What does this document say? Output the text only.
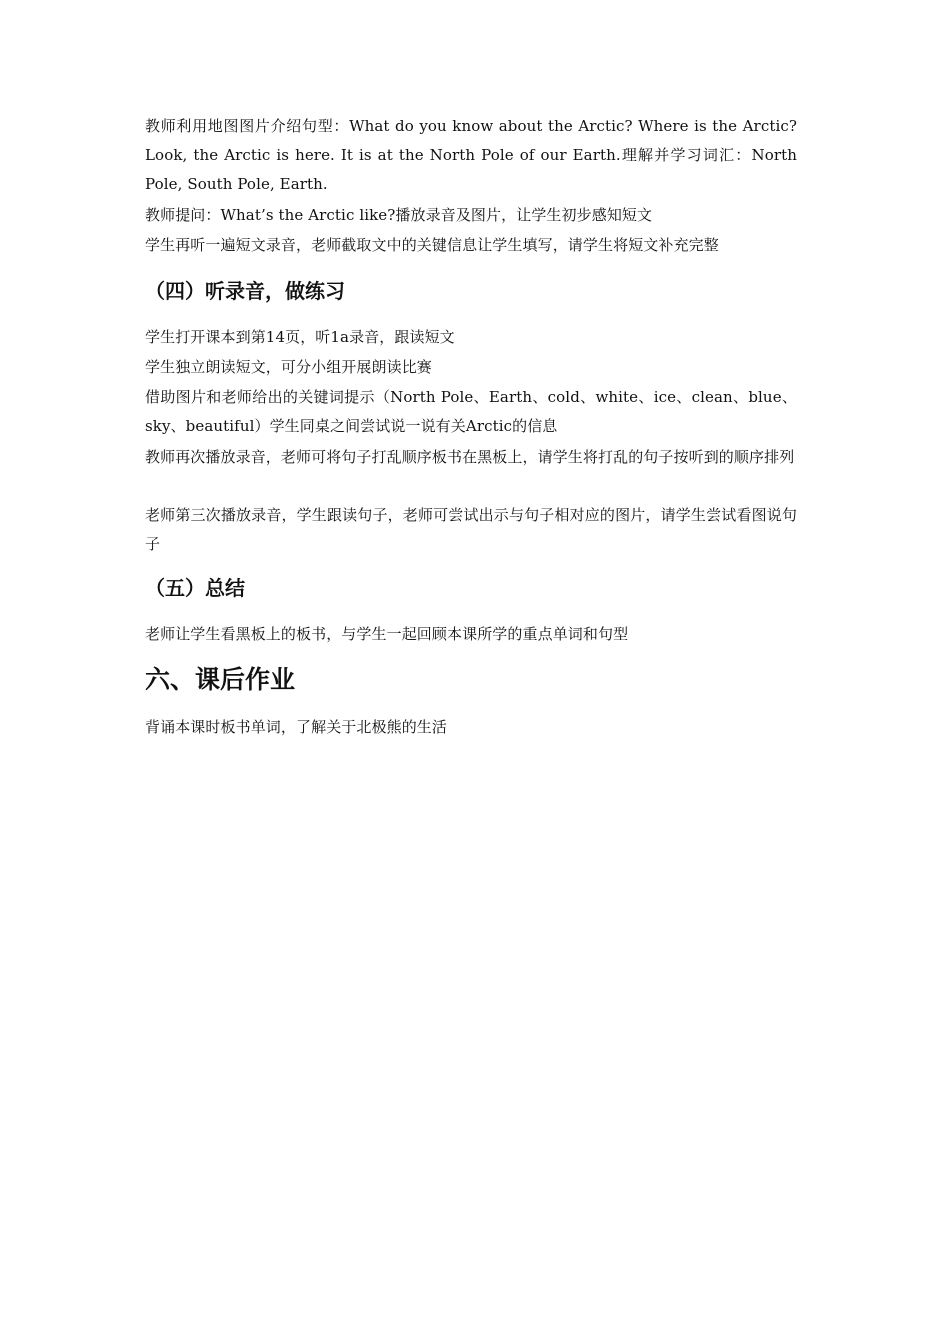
教师利用地图图片介绍句型：What do you know about the Arctic? Where is the Arctic? Look, the Arctic is here. It is at the North Pole of our Earth.理解并学习词汇：North Pole, South Pole, Earth.

教师提问：What’s the Arctic like?播放录音及图片，让学生初步感知短文

学生再听一遍短文录音，老师截取文中的关键信息让学生填写，请学生将短文补充完整

（四）听录音，做练习

学生打开课本到第14页，听1a录音，跟读短文

学生独立朗读短文，可分小组开展朗读比赛

借助图片和老师给出的关键词提示（North Pole、Earth、cold、white、ice、clean、blue、sky、beautiful）学生同桌之间尝试说一说有关Arctic的信息

教师再次播放录音，老师可将句子打乱顺序板书在黑板上，请学生将打乱的句子按听到的顺序排列

老师第三次播放录音，学生跟读句子，老师可尝试出示与句子相对应的图片，请学生尝试看图说句子

（五）总结

老师让学生看黑板上的板书，与学生一起回顾本课所学的重点单词和句型

六、课后作业

背诵本课时板书单词，了解关于北极熊的生活
